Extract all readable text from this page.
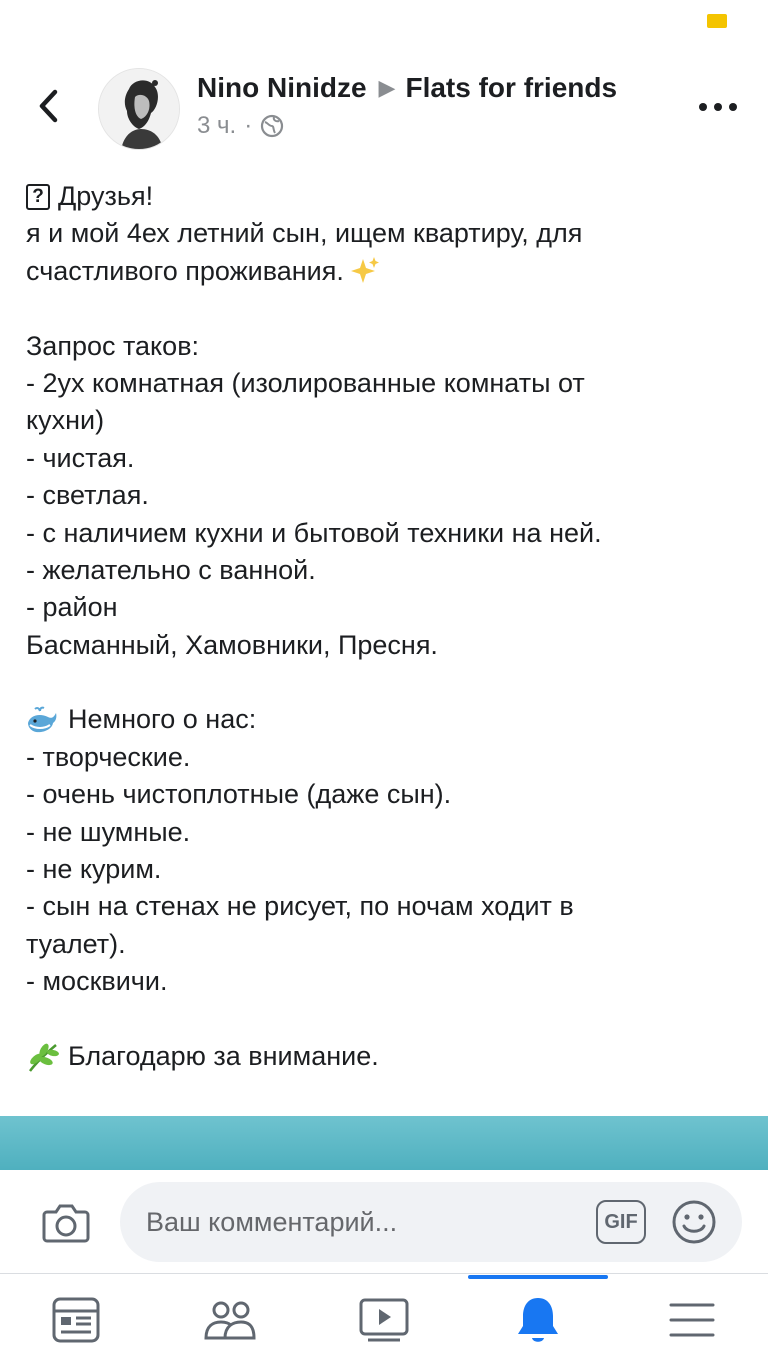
Nino Ninidze ▶ Flats for friends
3 ч. ·
? Друзья!
я и мой 4ех летний сын, ищем квартиру, для
счастливого проживания.
Запрос таков:
- 2ух комнатная (изолированные комнаты от
кухни)
- чистая.
- светлая.
- с наличием кухни и бытовой техники на ней.
- желательно с ванной.
- район
Басманный, Хамовники, Пресня.
Немного о нас:
- творческие.
- очень чистоплотные (даже сын).
- не шумные.
- не курим.
- сын на стенах не рисует, по ночам ходит в
туалет).
- москвичи.
Благодарю за внимание.
Ваш комментарий...
GIF
